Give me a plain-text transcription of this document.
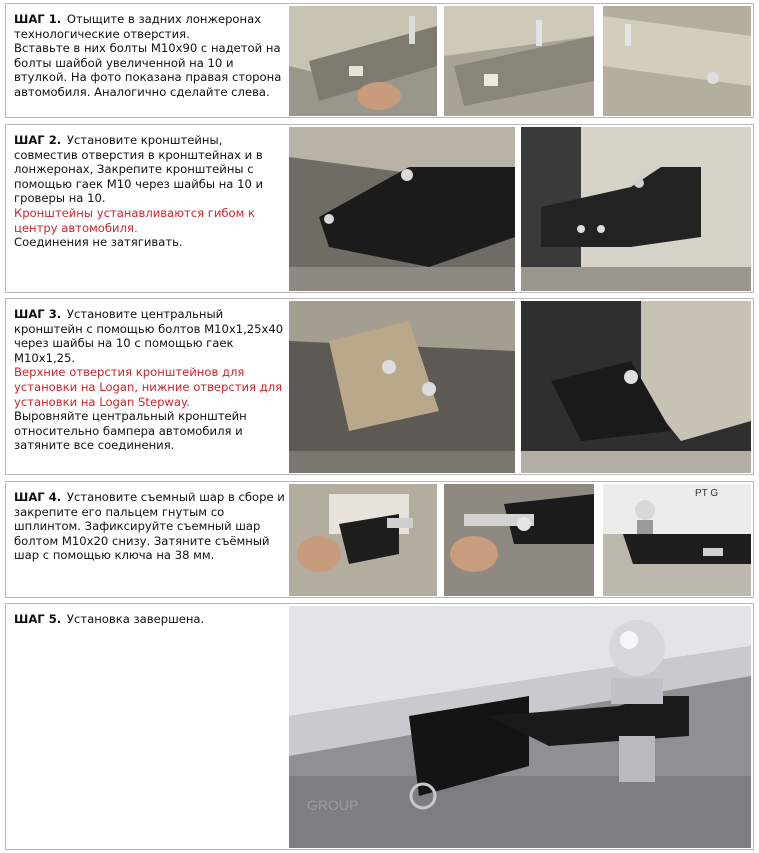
ШАГ 1. Отыщите в задних лонжеронах технологические отверстия.

Вставьте в них болты М10х90 с надетой на болты шайбой увеличенной на 10 и втулкой. На фото показана правая сторона автомобиля. Аналогично сделайте слева.

ШАГ 2. Установите кронштейны, совместив отверстия в кронштейнах и в лонжеронах, Закрепите кронштейны с помощью гаек М10 через шайбы на 10 и гроверы на 10.

Кронштейны устанавливаются гибом к центру автомобиля.

Соединения не затягивать.

ШАГ 3. Установите центральный кронштейн с помощью болтов М10х1,25х40 через шайбы на 10 с помощью гаек М10х1,25.

Верхние отверстия кронштейнов для установки на Logan, нижние отверстия для установки на Logan Stepway.

Выровняйте центральный кронштейн относительно бампера автомобиля и затяните все соединения.

ШАГ 4. Установите съемный шар в сборе и закрепите его пальцем гнутым со шплинтом. Зафиксируйте съемный шар болтом М10х20 снизу. Затяните съёмный шар с помощью ключа на 38 мм.
PT G
ШАГ 5. Установка завершена.
GROUP
